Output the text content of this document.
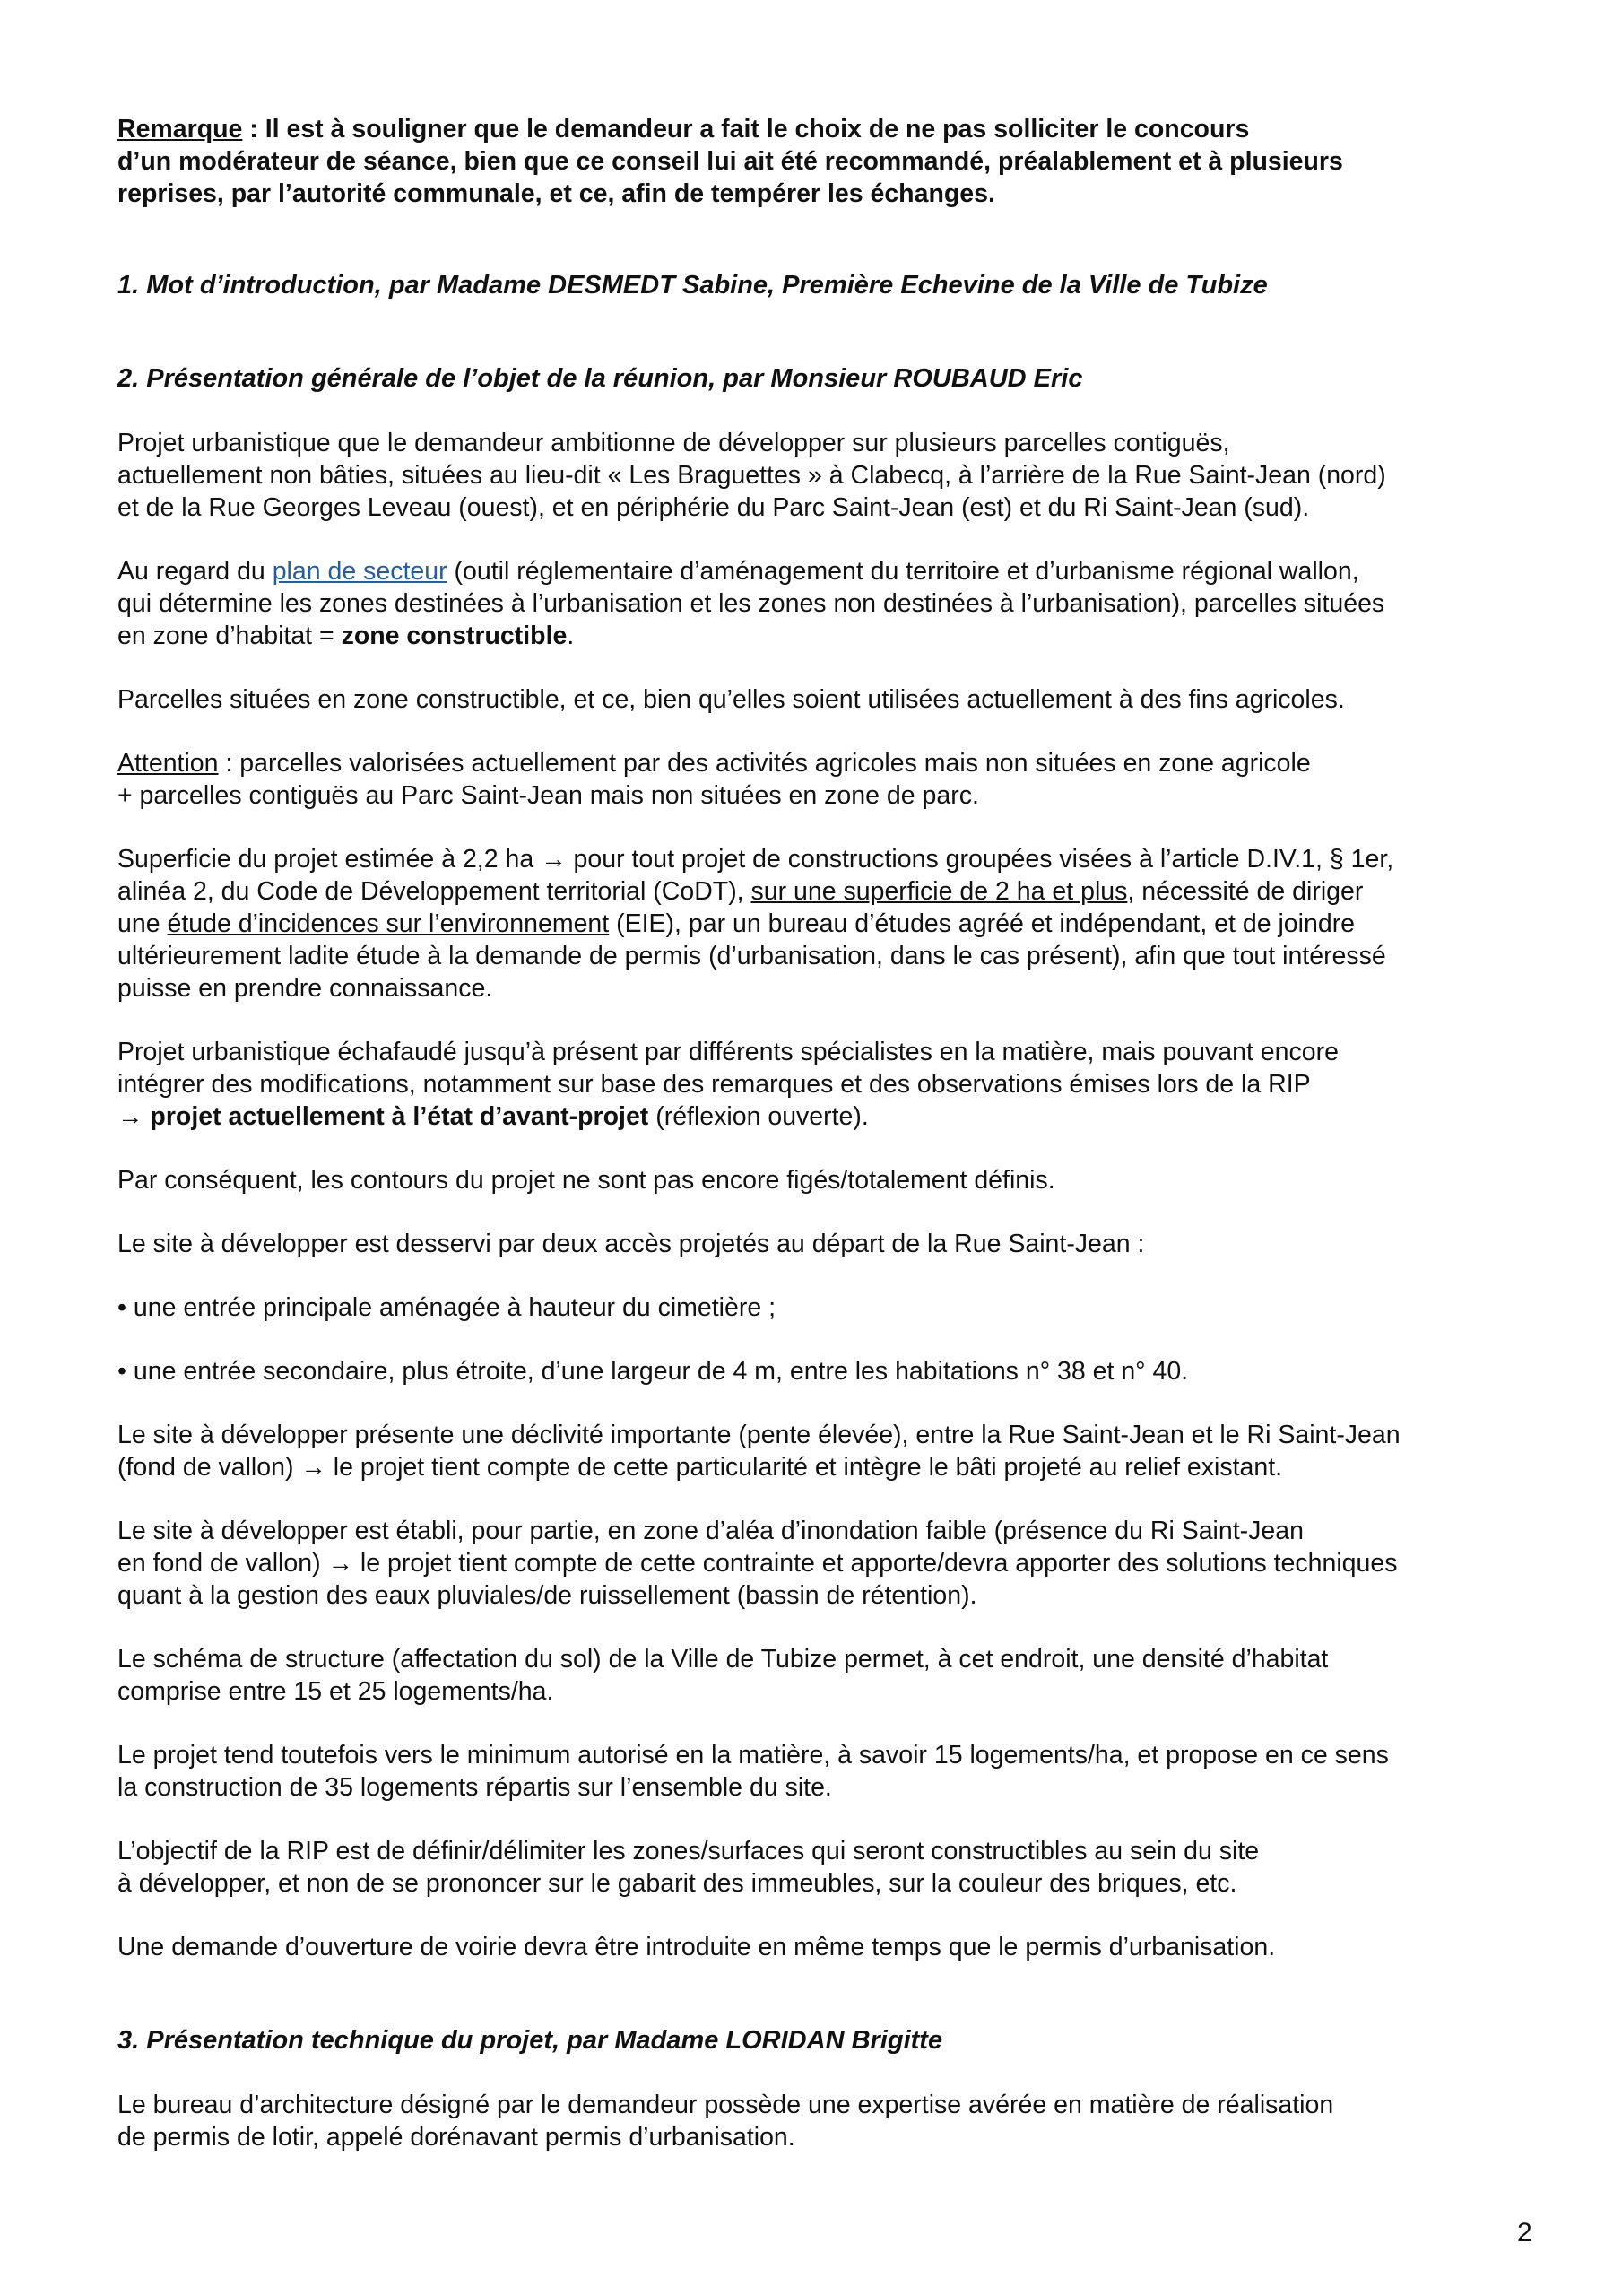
Remarque : Il est à souligner que le demandeur a fait le choix de ne pas solliciter le concours
d’un modérateur de séance, bien que ce conseil lui ait été recommandé, préalablement et à plusieurs
reprises, par l’autorité communale, et ce, afin de tempérer les échanges.
1. Mot d’introduction, par Madame DESMEDT Sabine, Première Echevine de la Ville de Tubize
2. Présentation générale de l’objet de la réunion, par Monsieur ROUBAUD Eric
Projet urbanistique que le demandeur ambitionne de développer sur plusieurs parcelles contiguës,
actuellement non bâties, situées au lieu-dit « Les Braguettes » à Clabecq, à l’arrière de la Rue Saint-Jean (nord)
et de la Rue Georges Leveau (ouest), et en périphérie du Parc Saint-Jean (est) et du Ri Saint-Jean (sud).
Au regard du plan de secteur (outil réglementaire d’aménagement du territoire et d’urbanisme régional wallon,
qui détermine les zones destinées à l’urbanisation et les zones non destinées à l’urbanisation), parcelles situées
en zone d’habitat = zone constructible.
Parcelles situées en zone constructible, et ce, bien qu’elles soient utilisées actuellement à des fins agricoles.
Attention : parcelles valorisées actuellement par des activités agricoles mais non situées en zone agricole
+ parcelles contiguës au Parc Saint-Jean mais non situées en zone de parc.
Superficie du projet estimée à 2,2 ha → pour tout projet de constructions groupées visées à l’article D.IV.1, § 1er,
alinéa 2, du Code de Développement territorial (CoDT), sur une superficie de 2 ha et plus, nécessité de diriger
une étude d’incidences sur l’environnement (EIE), par un bureau d’études agréé et indépendant, et de joindre
ultérieurement ladite étude à la demande de permis (d’urbanisation, dans le cas présent), afin que tout intéressé
puisse en prendre connaissance.
Projet urbanistique échafaudé jusqu’à présent par différents spécialistes en la matière, mais pouvant encore
intégrer des modifications, notamment sur base des remarques et des observations émises lors de la RIP
→ projet actuellement à l’état d’avant-projet (réflexion ouverte).
Par conséquent, les contours du projet ne sont pas encore figés/totalement définis.
Le site à développer est desservi par deux accès projetés au départ de la Rue Saint-Jean :
• une entrée principale aménagée à hauteur du cimetière ;
• une entrée secondaire, plus étroite, d’une largeur de 4 m, entre les habitations n° 38 et n° 40.
Le site à développer présente une déclivité importante (pente élevée), entre la Rue Saint-Jean et le Ri Saint-Jean
(fond de vallon) → le projet tient compte de cette particularité et intègre le bâti projeté au relief existant.
Le site à développer est établi, pour partie, en zone d’aléa d’inondation faible (présence du Ri Saint-Jean
en fond de vallon) → le projet tient compte de cette contrainte et apporte/devra apporter des solutions techniques
quant à la gestion des eaux pluviales/de ruissellement (bassin de rétention).
Le schéma de structure (affectation du sol) de la Ville de Tubize permet, à cet endroit, une densité d’habitat
comprise entre 15 et 25 logements/ha.
Le projet tend toutefois vers le minimum autorisé en la matière, à savoir 15 logements/ha, et propose en ce sens
la construction de 35 logements répartis sur l’ensemble du site.
L’objectif de la RIP est de définir/délimiter les zones/surfaces qui seront constructibles au sein du site
à développer, et non de se prononcer sur le gabarit des immeubles, sur la couleur des briques, etc.
Une demande d’ouverture de voirie devra être introduite en même temps que le permis d’urbanisation.
3. Présentation technique du projet, par Madame LORIDAN Brigitte
Le bureau d’architecture désigné par le demandeur possède une expertise avérée en matière de réalisation
de permis de lotir, appelé dorénavant permis d’urbanisation.
2
